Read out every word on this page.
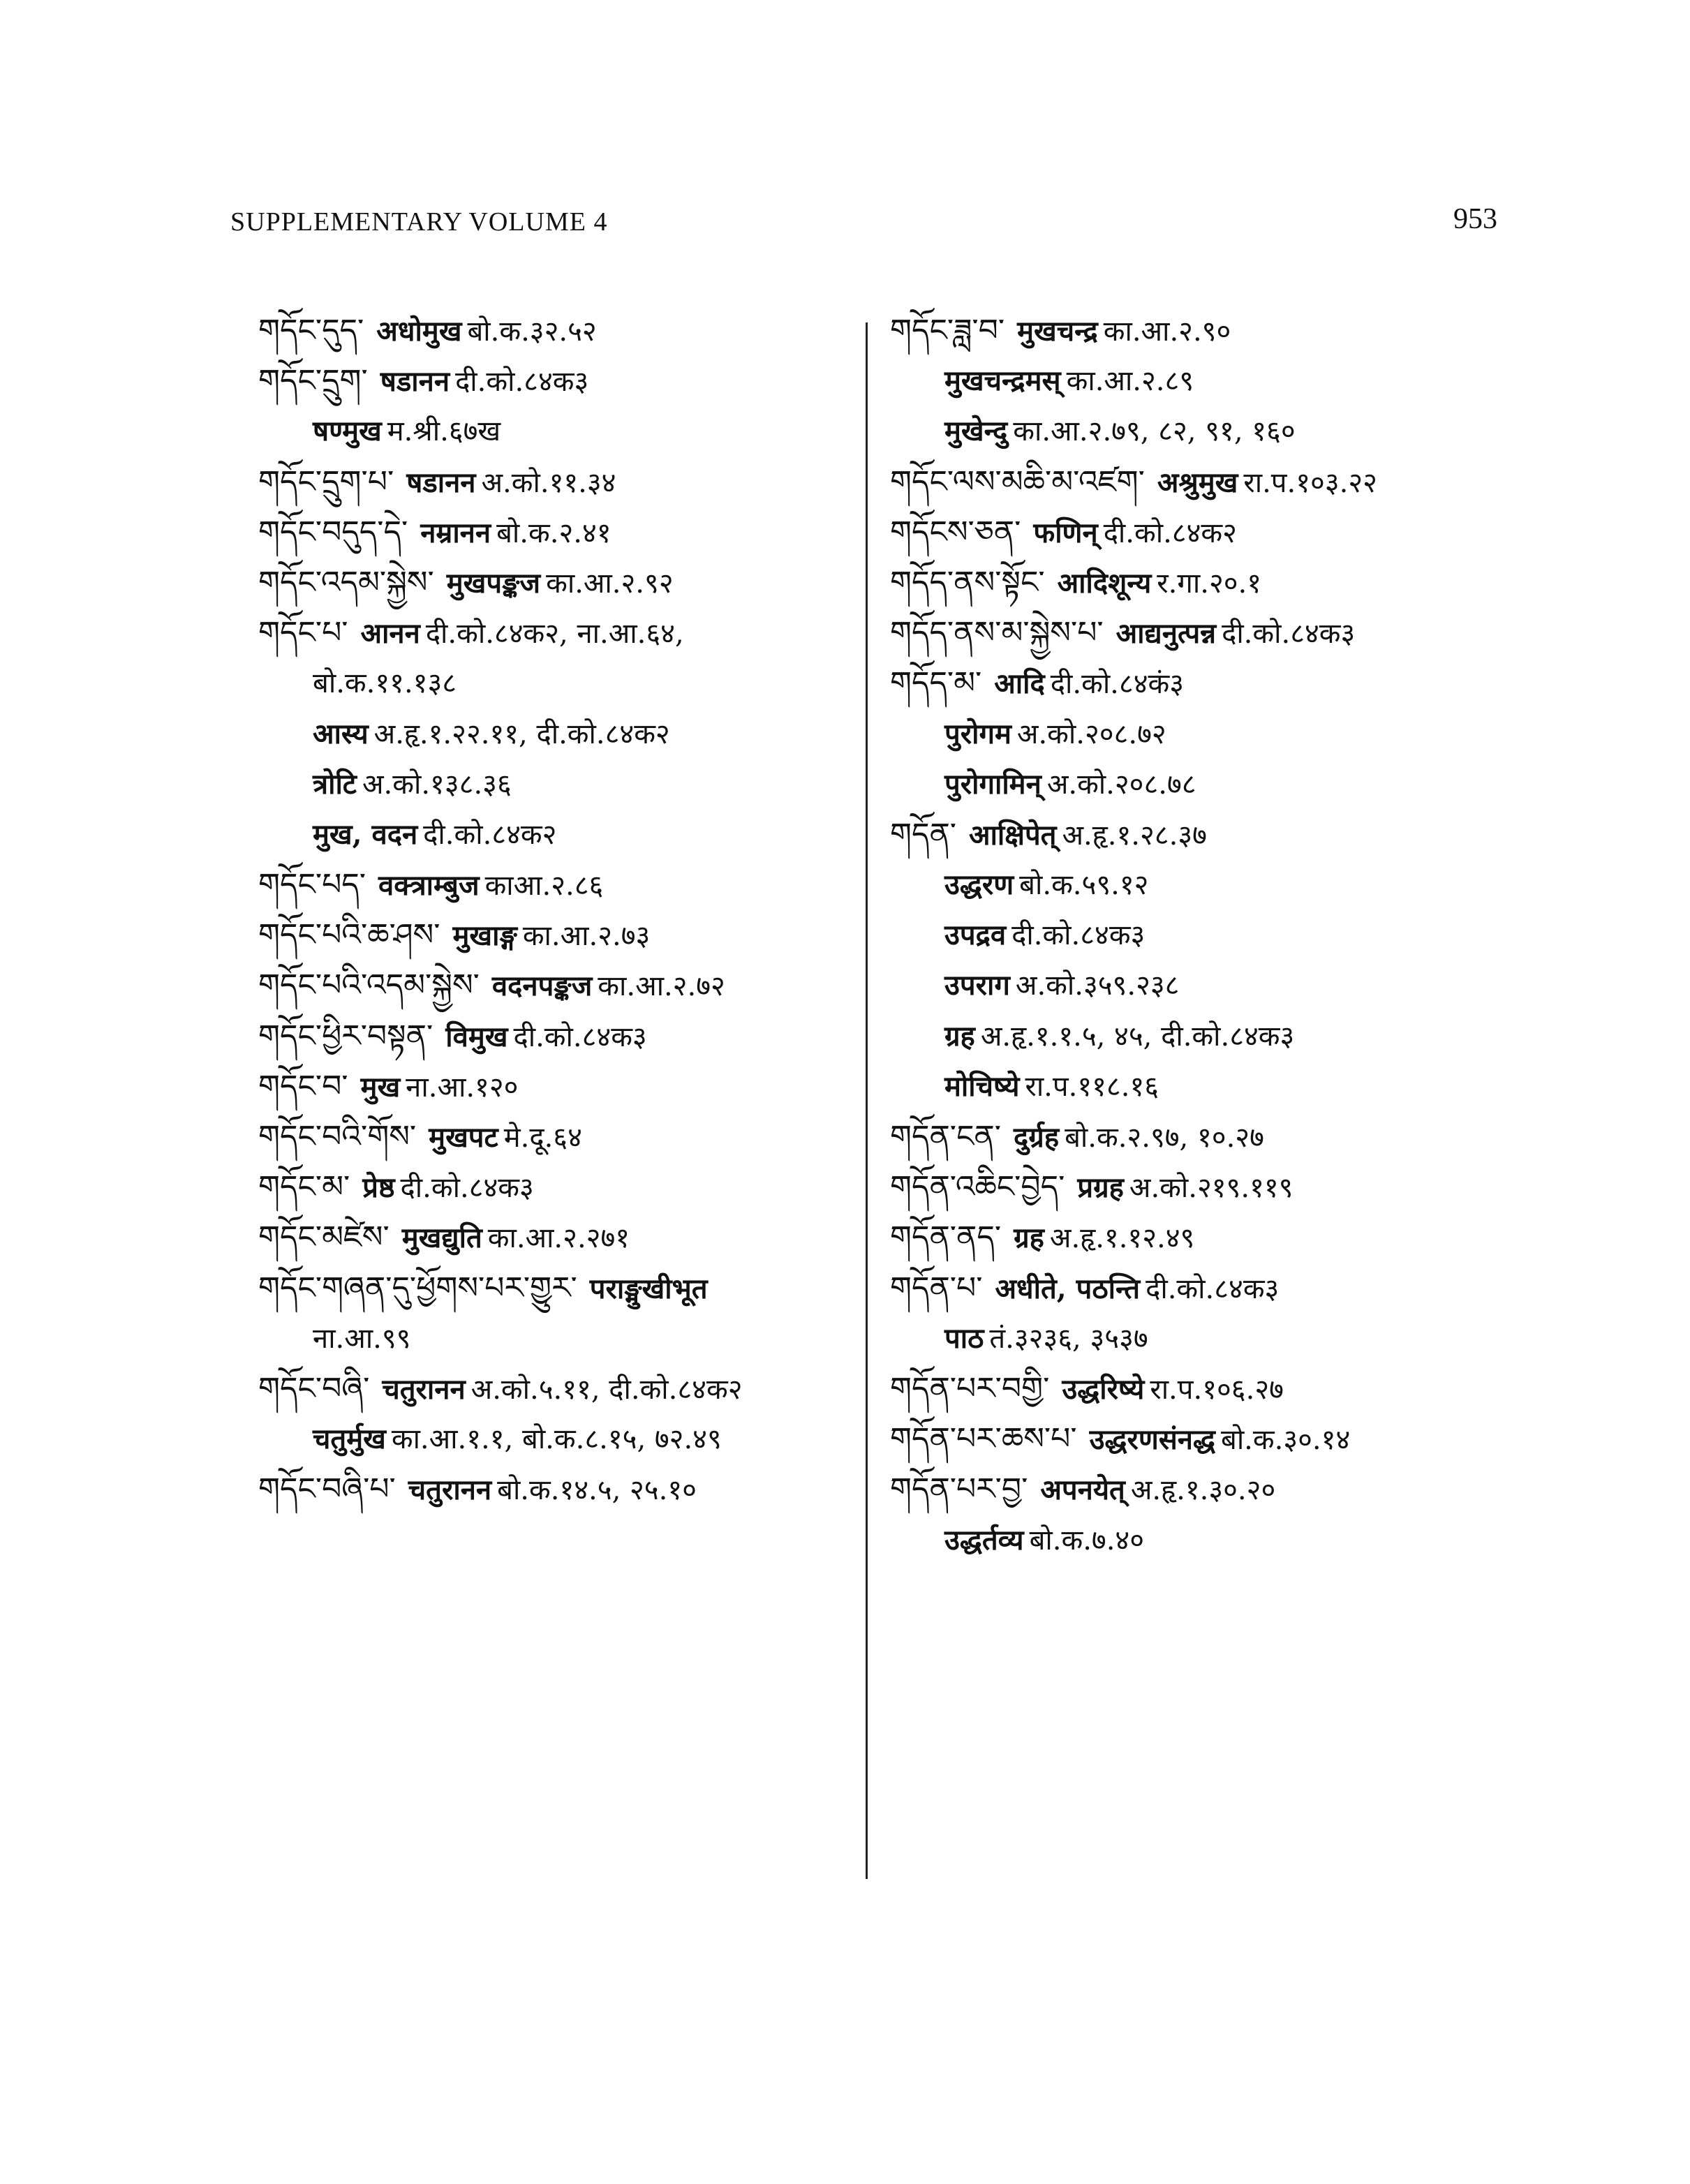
SUPPLEMENTARY VOLUME 4	953
གདོང་དུད་ अधोमुख बो.क.३२.५२
གདོང་དྲུག་ षडानन दी.को.८४क३
षण्मुख म.श्री.६७ख
གདོང་དྲུག་པ་ षडानन अ.को.११.३४
གདོང་བདུད་དེ་ नम्रानन बो.क.२.४१
གདོང་འདམ་སྐྱེས་ मुखपङ्कज का.आ.२.९२
གདོང་པ་ आनन दी.को.८४क२, ना.आ.६४,
बो.क.११.१३८
आस्य अ.हृ.१.२२.११, दी.को.८४क२
त्रोटि अ.को.१३८.३६
मुख, वदन दी.को.८४क२
གདོང་པད་ वक्त्राम्बुज काआ.२.८६
གདོང་པའི་ཆ་ཤས་ मुखाङ्ग का.आ.२.७३
གདོང་པའི་འདམ་སྐྱེས་ वदनपङ्कज का.आ.२.७२
གདོང་ཕྱིར་བསྟན་ विमुख दी.को.८४क३
གདོང་བ་ मुख ना.आ.१२०
གདོང་བའི་གོས་ मुखपट मे.दू.६४
གདོང་མ་ प्रेष्ठ दी.को.८४क३
གདོང་མཛེས་ मुखद्युति का.आ.२.२७१
གདོང་གཞན་དུ་ཕྱོགས་པར་གྱུར་ पराङ्मुखीभूत
ना.आ.९९
གདོང་བཞི་ चतुरानन अ.को.५.११, दी.को.८४क२
चतुर्मुख का.आ.१.१, बो.क.८.१५, ७२.४९
གདོང་བཞི་པ་ चतुरानन बो.क.१४.५, २५.१०
གདོང་ཟླ་བ་ मुखचन्द्र का.आ.२.९०
मुखचन्द्रमस् का.आ.२.८९
मुखेन्दु का.आ.२.७९, ८२, ९१, १६०
གདོང་ལས་མཆི་མ་འཛག་ अश्रुमुख रा.प.१०३.२२
གདོངས་ཅན་ फणिन् दी.को.८४क२
གདོད་ནས་སྟོང་ आदिशून्य र.गा.२०.१
གདོད་ནས་མ་སྐྱེས་པ་ आद्यनुत्पन्न दी.को.८४क३
གདོད་མ་ आदि दी.को.८४कं३
पुरोगम अ.को.२०८.७२
पुरोगामिन् अ.को.२०८.७८
གདོན་ आक्षिपेत् अ.हृ.१.२८.३७
उद्धरण बो.क.५९.१२
उपद्रव दी.को.८४क३
उपराग अ.को.३५९.२३८
ग्रह अ.हृ.१.१.५, ४५, दी.को.८४क३
मोचिष्ये रा.प.११८.१६
གདོན་ངན་ दुर्ग्रह बो.क.२.९७, १०.२७
གདོན་འཆིང་བྱེད་ प्रग्रह अ.को.२१९.११९
གདོན་ནད་ ग्रह अ.हृ.१.१२.४९
གདོན་པ་ अधीते, पठन्ति दी.को.८४क३
पाठ तं.३२३६, ३५३७
གདོན་པར་བགྱི་ उद्धरिष्ये रा.प.१०६.२७
གདོན་པར་ཆས་པ་ उद्धरणसंनद्ध बो.क.३०.१४
གདོན་པར་བྱ་ अपनयेत् अ.हृ.१.३०.२०
उद्धर्तव्य बो.क.७.४०
